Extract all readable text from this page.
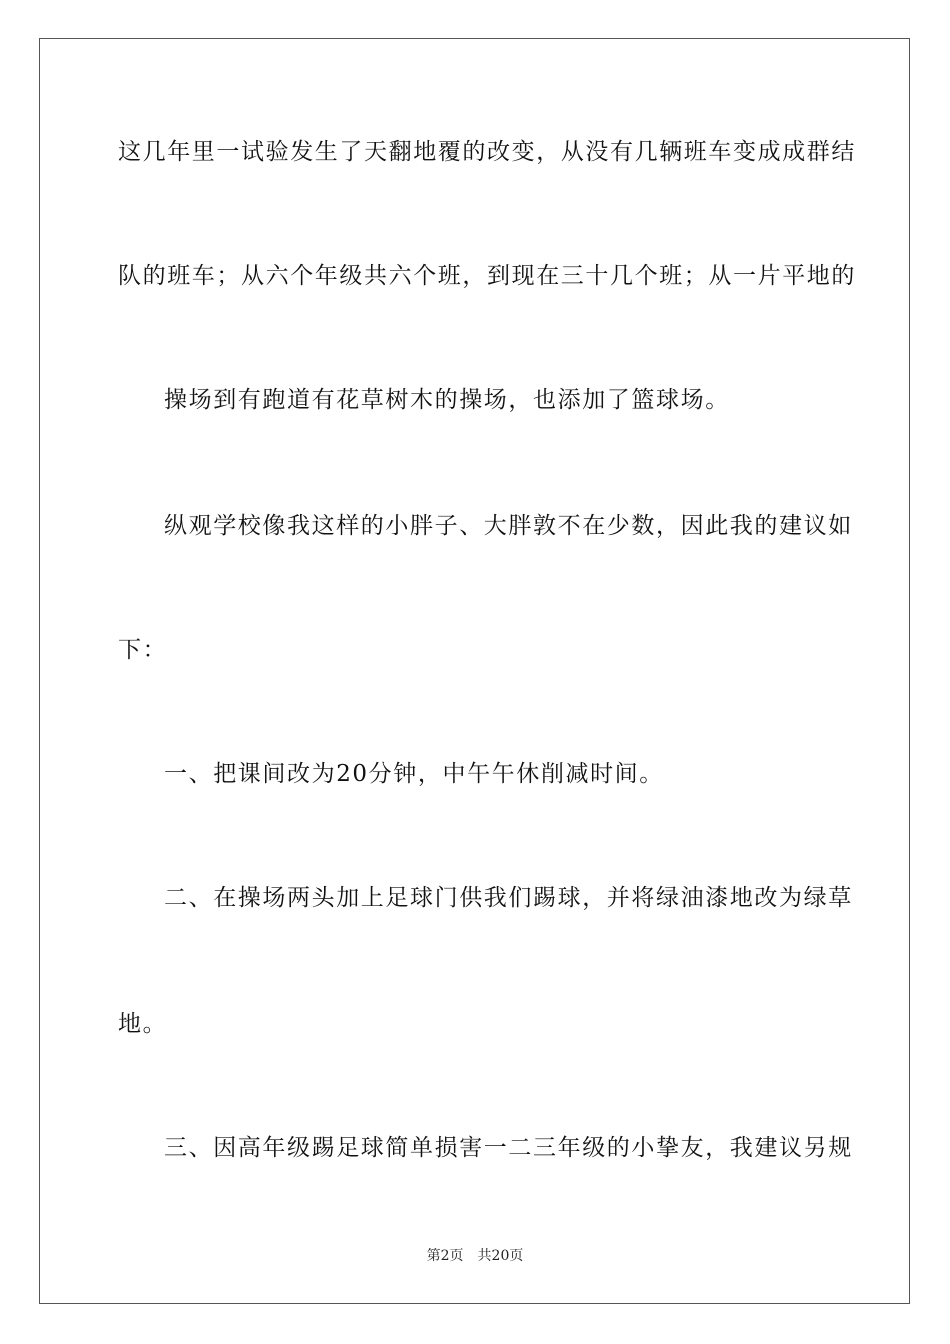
这几年里一试验发生了天翻地覆的改变，从没有几辆班车变成成群结
队的班车；从六个年级共六个班，到现在三十几个班；从一片平地的
操场到有跑道有花草树木的操场，也添加了篮球场。
纵观学校像我这样的小胖子、大胖敦不在少数，因此我的建议如
下：
一、把课间改为20分钟，中午午休削减时间。
二、在操场两头加上足球门供我们踢球，并将绿油漆地改为绿草
地。
三、因高年级踢足球简单损害一二三年级的小挚友，我建议另规
第2页 共20页
